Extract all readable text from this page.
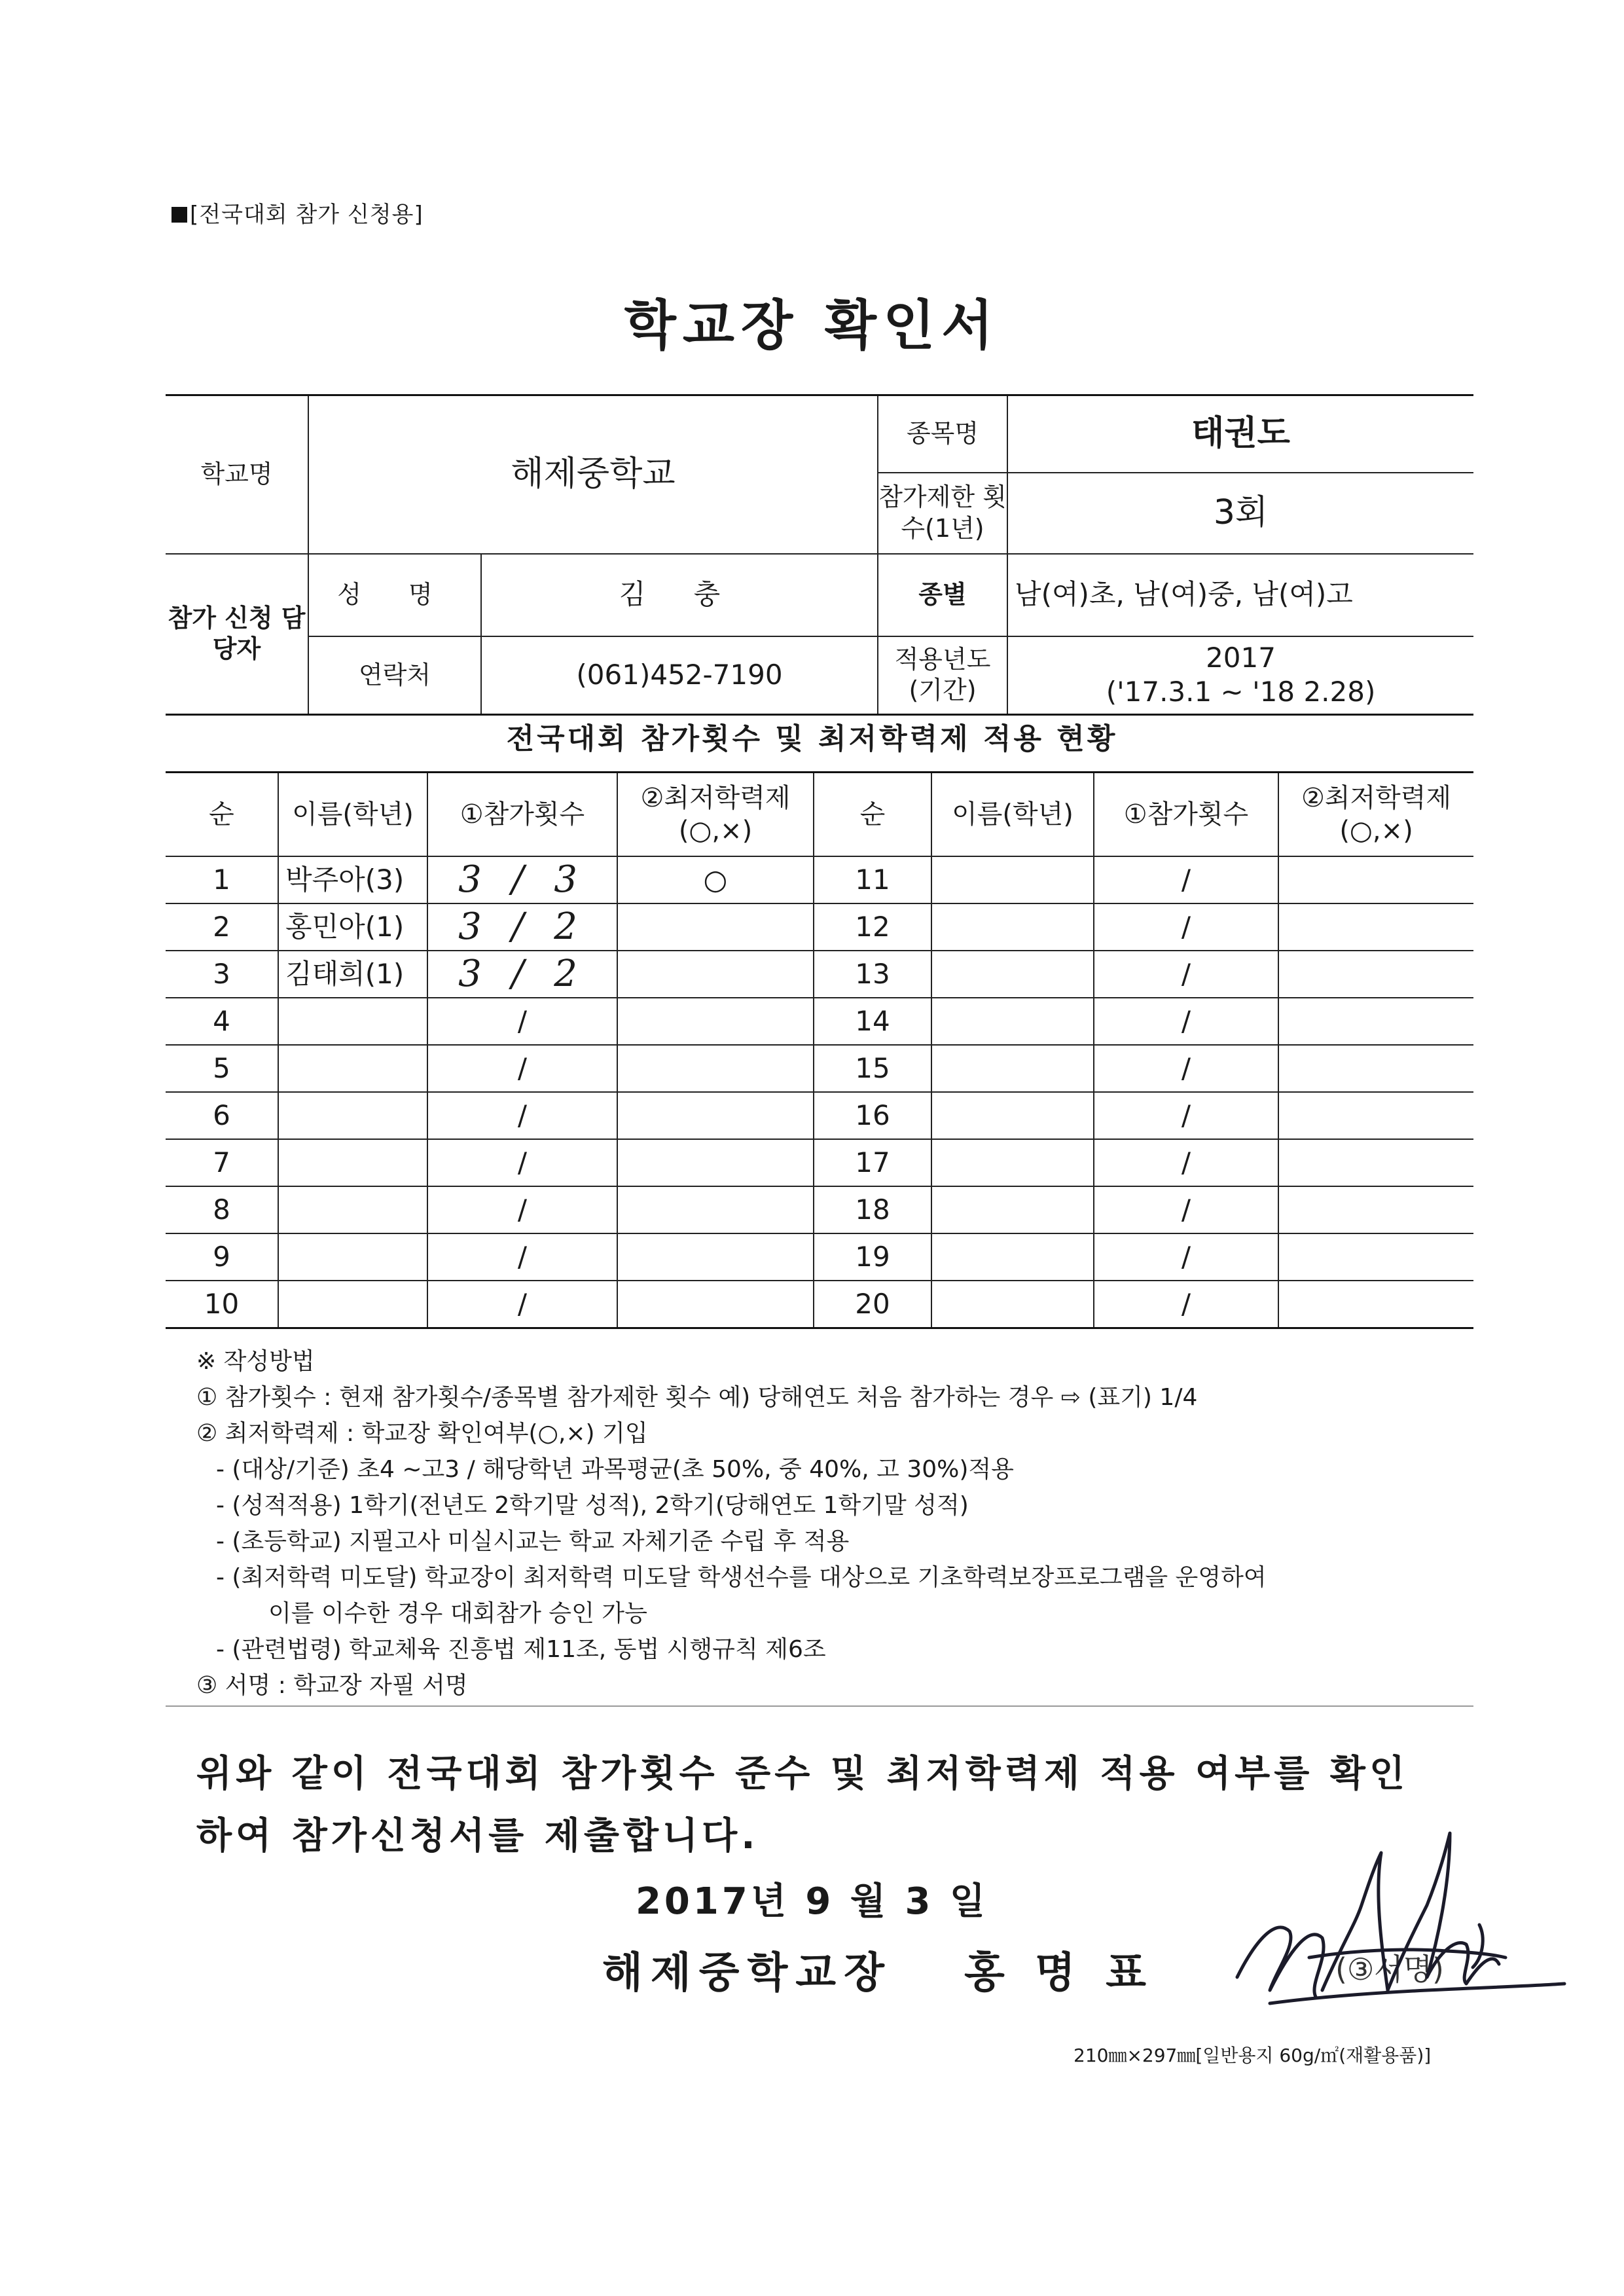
[전국대회 참가 신청용]
학교장 확인서
학교명	해제중학교		종목명	태권도
			참가제한 횟수(1년)	3회
참가 신청 담당자	성 명	김 충	종별	남(여)초, 남(여)중, 남(여)고
	연락처	(061)452-7190	적용년도 (기간)	2017
('17.3.1 ~ '18 2.28)
전국대회 참가횟수 및 최저학력제 적용 현황
순	이름(학년)	①참가횟수	②최저학력제 (○,×)	순	이름(학년)	①참가횟수	②최저학력제 (○,×)
1	박주아(3)	3 / 3	○	11		/	
2	홍민아(1)	3 / 2		12		/	
3	김태희(1)	3 / 2		13		/	
4		/		14		/	
5		/		15		/	
6		/		16		/	
7		/		17		/	
8		/		18		/	
9		/		19		/	
10		/		20		/	
※ 작성방법
① 참가횟수 : 현재 참가횟수/종목별 참가제한 횟수 예) 당해연도 처음 참가하는 경우 ⇨ (표기) 1/4
② 최저학력제 : 학교장 확인여부(○,×) 기입
- (대상/기준) 초4 ~고3 / 해당학년 과목평균(초 50%, 중 40%, 고 30%)적용
- (성적적용) 1학기(전년도 2학기말 성적), 2학기(당해연도 1학기말 성적)
- (초등학교) 지필고사 미실시교는 학교 자체기준 수립 후 적용
- (최저학력 미도달) 학교장이 최저학력 미도달 학생선수를 대상으로 기초학력보장프로그램을 운영하여
이를 이수한 경우 대회참가 승인 가능
- (관련법령) 학교체육 진흥법 제11조, 동법 시행규칙 제6조
③ 서명 : 학교장 자필 서명
위와 같이 전국대회 참가횟수 준수 및 최저학력제 적용 여부를 확인
하여 참가신청서를 제출합니다.
2017년 9 월 3 일
해제중학교장 홍 명 표	(③서명)
210㎜×297㎜[일반용지 60g/㎡(재활용품)]
